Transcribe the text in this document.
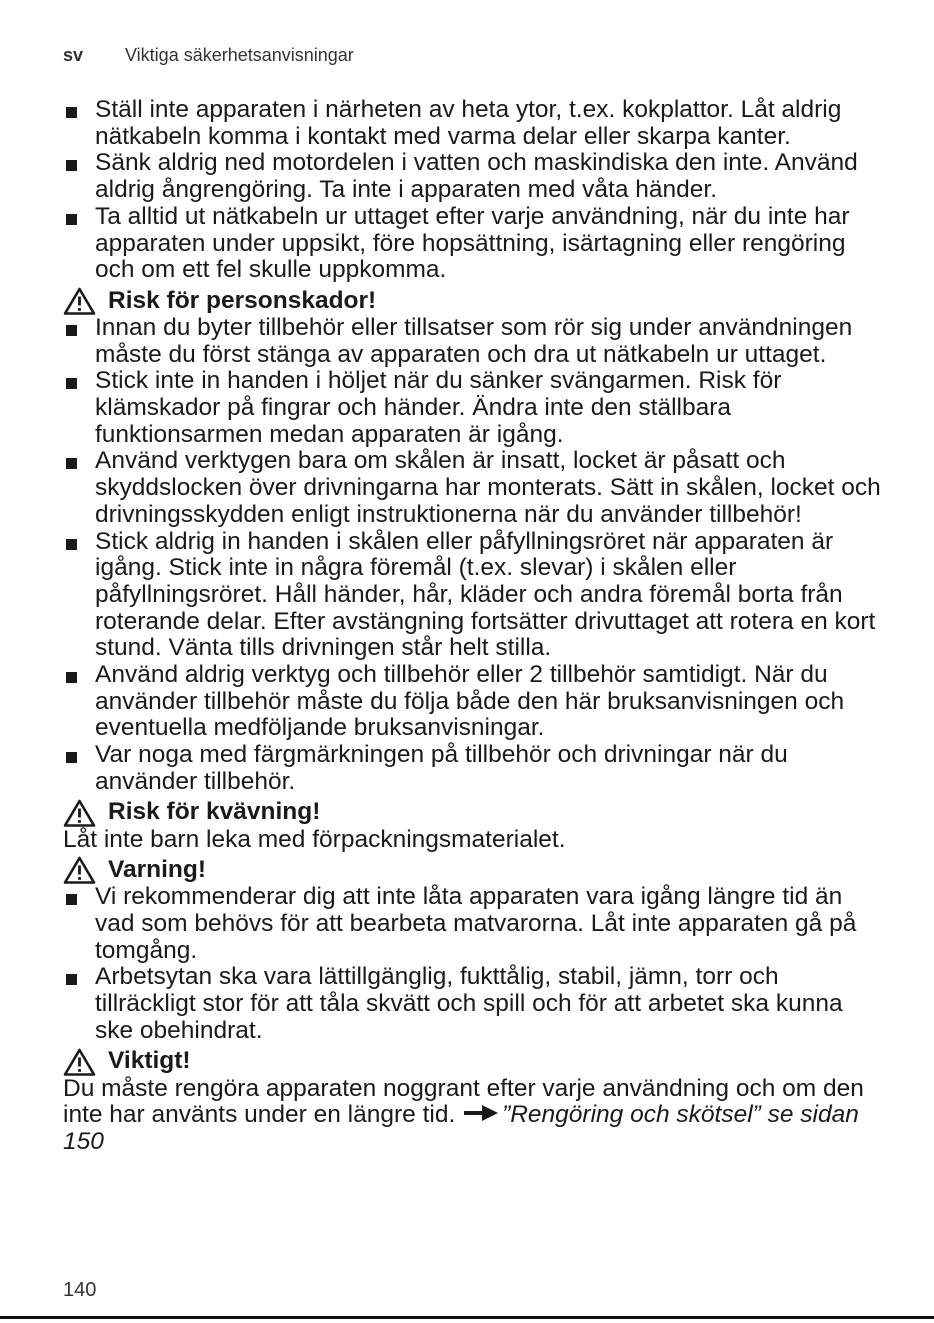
sv Viktiga säkerhetsanvisningar
Ställ inte apparaten i närheten av heta ytor, t.ex. kokplattor. Låt aldrig nätkabeln komma i kontakt med varma delar eller skarpa kanter.
Sänk aldrig ned motordelen i vatten och maskindiska den inte. Använd aldrig ångrengöring. Ta inte i apparaten med våta händer.
Ta alltid ut nätkabeln ur uttaget efter varje användning, när du inte har apparaten under uppsikt, före hopsättning, isärtagning eller rengöring och om ett fel skulle uppkomma.
Risk för personskador!
Innan du byter tillbehör eller tillsatser som rör sig under användningen måste du först stänga av apparaten och dra ut nätkabeln ur uttaget.
Stick inte in handen i höljet när du sänker svängarmen. Risk för klämskador på fingrar och händer. Ändra inte den ställbara funktionsarmen medan apparaten är igång.
Använd verktygen bara om skålen är insatt, locket är påsatt och skyddslocken över drivningarna har monterats. Sätt in skålen, locket och drivningsskydden enligt instruktionerna när du använder tillbehör!
Stick aldrig in handen i skålen eller påfyllningsröret när apparaten är igång. Stick inte in några föremål (t.ex. slevar) i skålen eller påfyllningsröret. Håll händer, hår, kläder och andra föremål borta från roterande delar. Efter avstängning fortsätter drivuttaget att rotera en kort stund. Vänta tills drivningen står helt stilla.
Använd aldrig verktyg och tillbehör eller 2 tillbehör samtidigt. När du använder tillbehör måste du följa både den här bruksanvisningen och eventuella medföljande bruksanvisningar.
Var noga med färgmärkningen på tillbehör och drivningar när du använder tillbehör.
Risk för kvävning!

Låt inte barn leka med förpackningsmaterialet.

Varning!
Vi rekommenderar dig att inte låta apparaten vara igång längre tid än vad som behövs för att bearbeta matvarorna. Låt inte apparaten gå på tomgång.
Arbetsytan ska vara lättillgänglig, fukttålig, stabil, jämn, torr och tillräckligt stor för att tåla skvätt och spill och för att arbetet ska kunna ske obehindrat.
Viktigt!

Du måste rengöra apparaten noggrant efter varje användning och om den inte har använts under en längre tid. ”Rengöring och skötsel” se sidan 150

140
